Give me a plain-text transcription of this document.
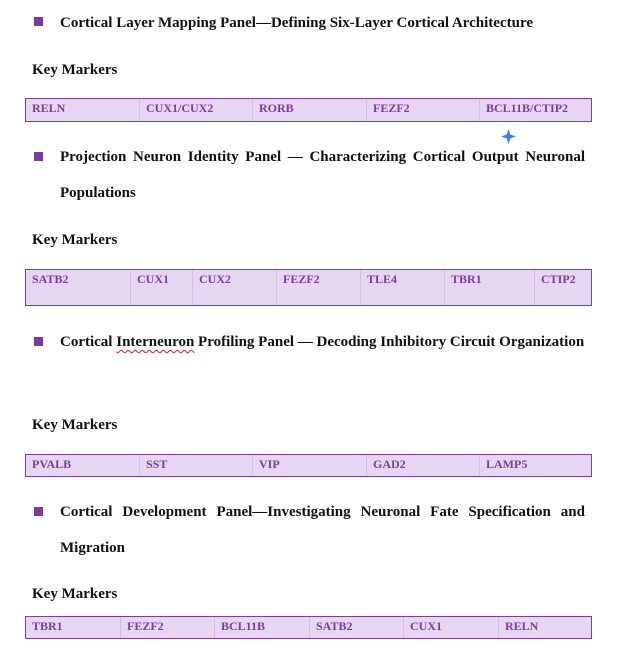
Cortical Layer Mapping Panel—Defining Six-Layer Cortical Architecture
Key Markers
RELN	CUX1/CUX2	RORB	FEZF2	BCL11B/CTIP2
Projection Neuron Identity Panel — Characterizing Cortical Output Neuronal Populations
Key Markers
SATB2	CUX1	CUX2	FEZF2	TLE4	TBR1	CTIP2
Cortical Interneuron Profiling Panel — Decoding Inhibitory Circuit Organization
Key Markers
PVALB	SST	VIP	GAD2	LAMP5
Cortical Development Panel—Investigating Neuronal Fate Specification and Migration
Key Markers
TBR1	FEZF2	BCL11B	SATB2	CUX1	RELN
